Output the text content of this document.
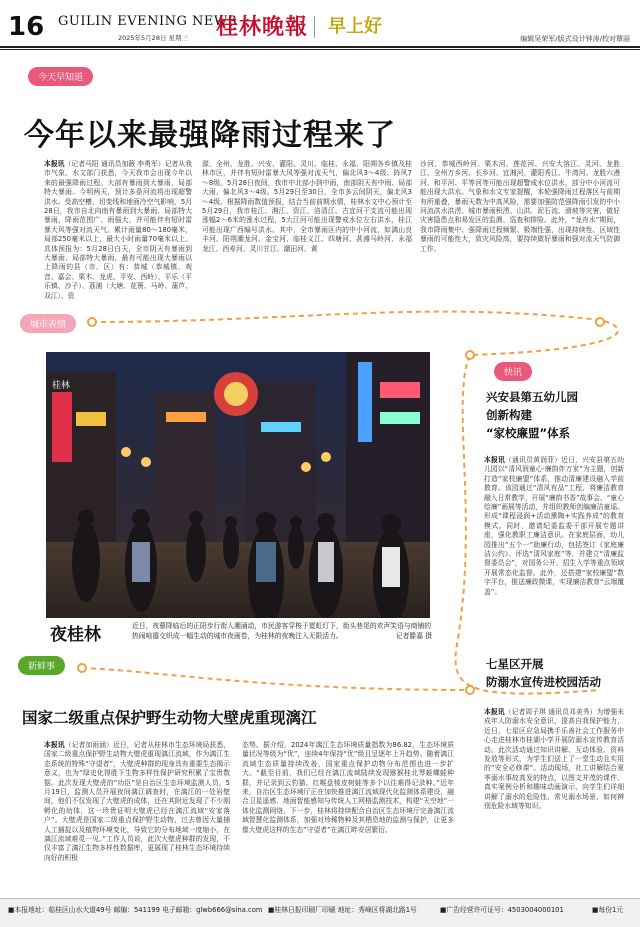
16 GUILIN EVENING NEWS
2025年5月28日 星期三 桂林晚報 早上好
编辑吴荣军/版式设计钟涛/校对覃丽
今天早知道
今年以来最强降雨过程来了
本报讯（记者马阳 通讯员加薇 李勇军）记者从我市气象、水文部门获悉，今天我市会出现今年以来的最强降雨过程。大部有暴雨到大暴雨，局部特大暴雨。今明两天，预计多条河流将出现超警洪水。受高空槽、切变线和地面冷空气影响，5月28日，我市自北向南有暴雨到大暴雨、局部特大暴雨，降雨范围广、雨强大，并可能伴有短时雷暴大风等强对流天气。累计雨量80～180毫米，局部250毫米以上，最大小时雨量70毫米以上。具体预报为：5月28日白天，全市阴天有暴雨到大暴雨、局部特大暴雨，最有可能出现大暴雨以上降雨的县（市、区）有：恭城（恭城镇、观音、嘉会、栗木、龙虎、平安、西岭）、平乐（平乐镇、沙子）、荔浦（大塘、花篑、马岭、蒲芦、双江）、资
源、全州、龙胜、兴安、灌阳、灵川、临桂、永福、阳朔各乡镇及桂林市区，并伴有短时雷暴大风等强对流天气，偏北风3～4级、阵风7～8级。5月28日夜间，我市中北部小到中雨，南部阴天有中雨、局部大雨，偏北风3～4级。5月29日至30日，全市多云间阴天，偏北风3～4级。根据降雨数值预报，结合当前前期水情，桂林水文中心预计至5月29日，我市桂江、湘江、资江、洛清江、古宜河干支流可能出现涨幅2～6米的涨水过程，5大江河可能出现警戒水位左右洪水，桂江可能出现广西编号洪水。其中，全市暴雨区内的中小河流，如漓山良丰河、阳朔潮龙河、金宝河、临桂义江、四塘河、甚滩马岭河、永福龙江、西寿河、灵川甘江、潮田河、黄
沙河、恭城西岭河、栗木河、莲花河、兴安大溶江、灵河、龙胜江、全州万乡河、长乡河、宜湘河、灌阳秀江、牛湾河、龙胜六漫河、和平河、平等河等可能出现超警戒水位洪水，部分中小河流可能出现大洪水。气象和水文专家提醒，本轮强降雨过程落区与前期有所重叠，暴雨天数为中高风险，需要加强防范强降雨引发的中小河流洪水洪涝、城市暴雨积涝、山洪、泥石流、滑坡等灾害，做好灾害隐患点和易发区的监测、巡查和排险。此外，“龙舟水”期间，我市降雨集中、强降雨过程频繁、极端性强，出现持续性、区域性暴雨的可能性大，致灾风险高，要持续做好暴雨和强对流天气防御工作。
城市表情
桂林
夜桂林	近日，夜幕降临后的正阳步行街人潮涌动，市民游客穿梭于霓虹灯下，街头巷尾的欢声笑语与商铺的热闹喧嚣交织成一幅生动的城市夜画卷，为桂林的夜晚注入无限活力。	记者滕嘉 摄
快讯
兴安县第五幼儿园
创新构建
“家校廉盟”体系
本报讯（通讯员黄润菲）近日，兴安县第五幼儿园以“清风润童心·廉韵伴万家”为主题，创新打造“家校廉盟”体系，推动清廉建设融入学前教育。该园通过“清风有品”工程，将廉洁教育融入日常教学，开展“廉韵书香”故事会、“童心绘廉”画展等活动，并组织教师创编廉洁童谣。形成“课程浸润+活动熏陶+实践养成”的教育模式。同时，邀请纪委监委干部开展专题讲座，强化教职工廉洁意识。在家庭层面，幼儿园推出“五个一”助廉行动，包括签订《家庭廉洁公约》、评选“清风家庭”等，并建立“清廉监督委员会”，对园务公开、招生入学等重点领域开展常态化监督。此外，还搭建“家校廉盟”数字平台，推送廉政微课，实现廉洁教育“云端覆盖”。
七星区开展
防溺水宣传进校园活动
本报讯（记者周子琪 通讯员邓美秀）为增强未成年人防溺水安全意识，提高自我保护能力，近日，七星区应急局携手乐善社会工作服务中心走进桂林市桂湖小学开展防溺水宣传教育活动。此次活动通过知识讲解、互动体验、资料发放等形式，为学生们送上了一堂生动且实用的“安全必修课”。活动现场，社工讲解结合夏季溺水事故高发的特点，以图文并茂的课件、真实案例分析和趣味动画演示，向学生们详细讲解了溺水的危险性、常见溺水场景、如何辨别危险水域等知识。
新鲜事
国家二级重点保护野生动物大壁虎重现漓江
本报讯（记者加雨涵）近日，记者从桂林市生态环境局获悉，国家二级重点保护野生动物大壁虎重现漓江流域，作为漓江生态系统的特殊“守望者”，大壁虎种群的现身具有重要生态揭示意义，也为“绿史化得胜下生物多样性保护研究积累了宝贵数据。此次发现大壁虎的“功臣”是自治区生态环境监测人员，5月19日，监测人员开展夜间漓江调查时，在漓江的一处岩壁间，他们不仅发现了大壁虎的成体，还在其附近发现了不少刚孵化的幼体，这一珍贵证明大壁虎已经在漓江流域“安家落户”。大壁虎是国家二级重点保护野生动物，过去曾因大量捕人工捕捉以及植物环境变化，导致它的分布地域一度缩小，在漓江流域难觅一见。”工作人员说，此次大壁虎种群的发现，不仅丰富了漓江生物多样性数据库，更展现了桂林生态环境持续向好的积极
态势。据介绍，2024年漓江生态环境质量指数为86.82，生态环境质量状况等级为“优”，连续4年保持“优”级且呈逐年上升趋势。随着漓江流域生态质量持续改善，国家重点保护动物分布范围也进一步扩大。“截至目前，我们已经在漓江流域陆续发现猕猴桂北琴蛙蝶蛙种群，并记录到云豹猫、红喉盘棱皮树蛙等多个以往难得记录种。”近年来，自治区生态环境厅正在加快推进漓江流域现代化监测体系建设，融合卫星遥感、地面智能感知与传统人工网格监测技术，构建“天空地”一体化监测网络，下一步，桂林将持续配合自治区生态环境厅完善漓江流域智慧化监测体系，加强对珍稀物种及其栖息地的监测与保护，让更多像大壁虎这样的生态“守望者”在漓江畔安居繁衍。
■本报地址：临桂区山水大道49号 邮编：541199 电子邮箱：glwb666@sina.com ■桂林日报印刷厂印刷 地址：秀峰区将湖北路1号	■广告经营许可证号：4503004000101	■每份1元
